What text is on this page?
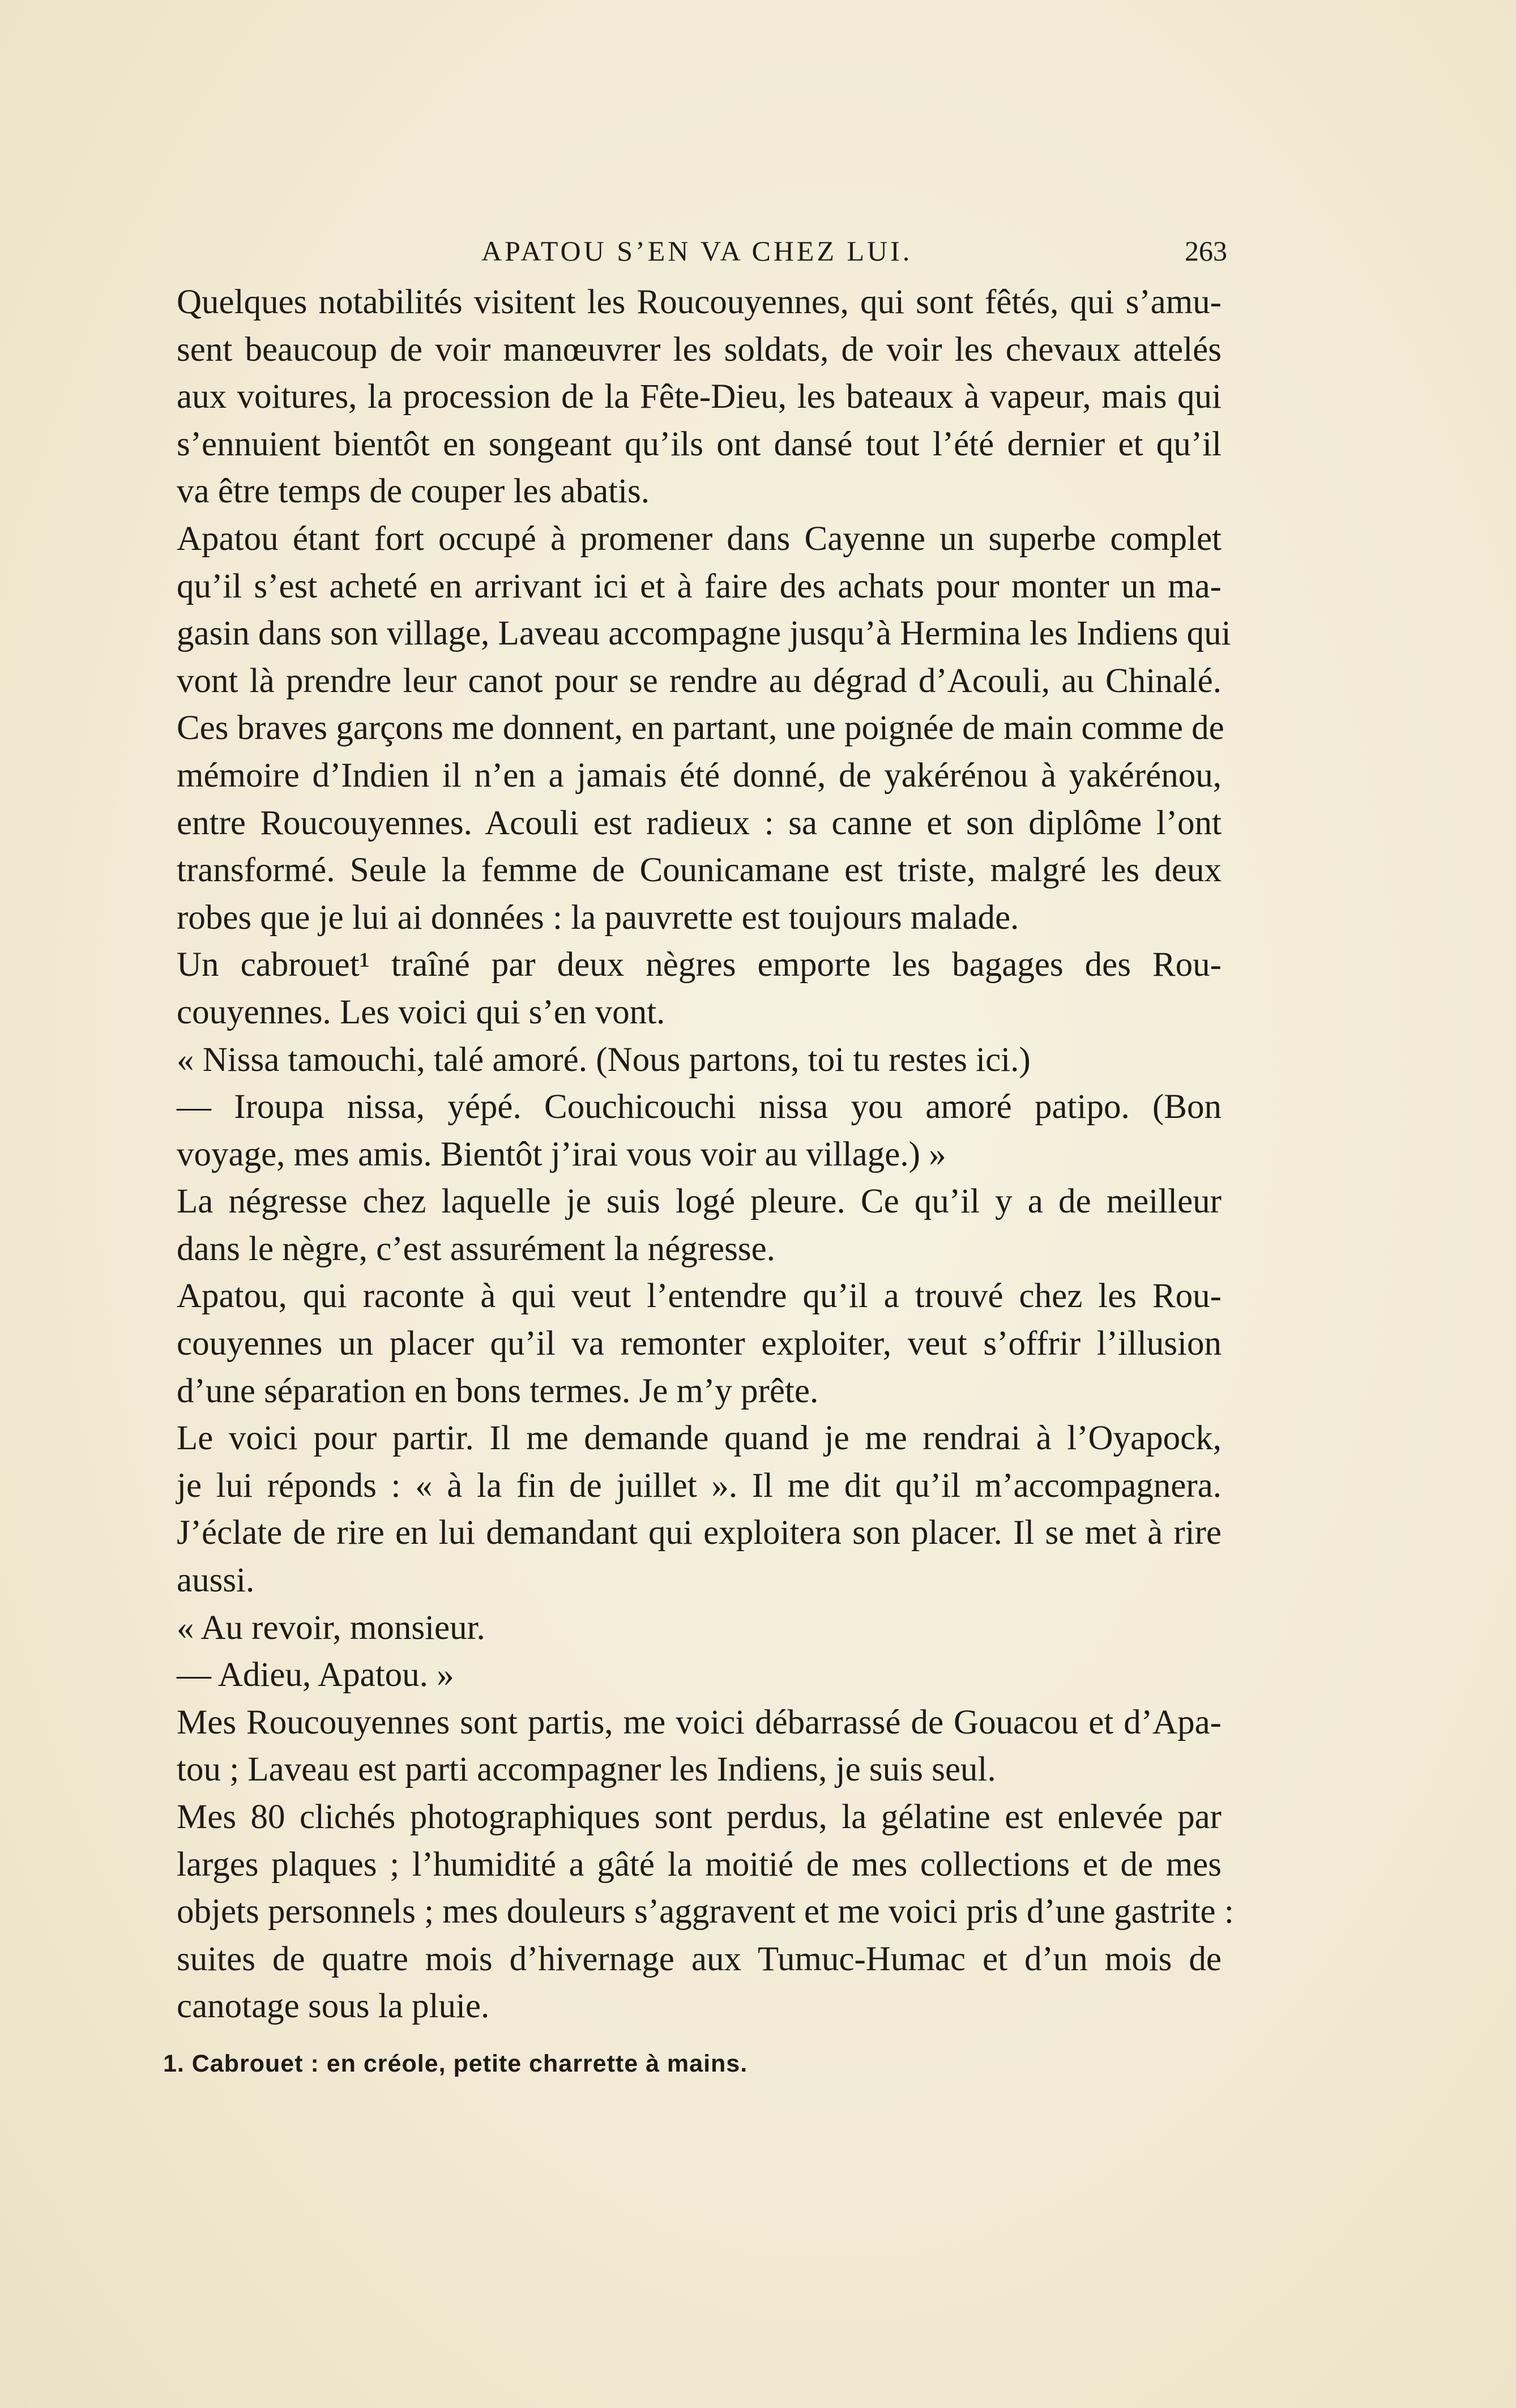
APATOU S’EN VA CHEZ LUI.	263
Quelques notabilités visitent les Roucouyennes, qui sont fêtés, qui s’amu-
sent beaucoup de voir manœuvrer les soldats, de voir les chevaux attelés
aux voitures, la procession de la Fête-Dieu, les bateaux à vapeur, mais qui
s’ennuient bientôt en songeant qu’ils ont dansé tout l’été dernier et qu’il
va être temps de couper les abatis.
Apatou étant fort occupé à promener dans Cayenne un superbe complet
qu’il s’est acheté en arrivant ici et à faire des achats pour monter un ma-
gasin dans son village, Laveau accompagne jusqu’à Hermina les Indiens qui
vont là prendre leur canot pour se rendre au dégrad d’Acouli, au Chinalé.
Ces braves garçons me donnent, en partant, une poignée de main comme de
mémoire d’Indien il n’en a jamais été donné, de yakérénou à yakérénou,
entre Roucouyennes. Acouli est radieux : sa canne et son diplôme l’ont
transformé. Seule la femme de Counicamane est triste, malgré les deux
robes que je lui ai données : la pauvrette est toujours malade.
Un cabrouet¹ traîné par deux nègres emporte les bagages des Rou-
couyennes. Les voici qui s’en vont.
« Nissa tamouchi, talé amoré. (Nous partons, toi tu restes ici.)
— Iroupa nissa, yépé. Couchicouchi nissa you amoré patipo. (Bon
voyage, mes amis. Bientôt j’irai vous voir au village.) »
La négresse chez laquelle je suis logé pleure. Ce qu’il y a de meilleur
dans le nègre, c’est assurément la négresse.
Apatou, qui raconte à qui veut l’entendre qu’il a trouvé chez les Rou-
couyennes un placer qu’il va remonter exploiter, veut s’offrir l’illusion
d’une séparation en bons termes. Je m’y prête.
Le voici pour partir. Il me demande quand je me rendrai à l’Oyapock,
je lui réponds : « à la fin de juillet ». Il me dit qu’il m’accompagnera.
J’éclate de rire en lui demandant qui exploitera son placer. Il se met à rire
aussi.
« Au revoir, monsieur.
— Adieu, Apatou. »
Mes Roucouyennes sont partis, me voici débarrassé de Gouacou et d’Apa-
tou ; Laveau est parti accompagner les Indiens, je suis seul.
Mes 80 clichés photographiques sont perdus, la gélatine est enlevée par
larges plaques ; l’humidité a gâté la moitié de mes collections et de mes
objets personnels ; mes douleurs s’aggravent et me voici pris d’une gastrite :
suites de quatre mois d’hivernage aux Tumuc-Humac et d’un mois de
canotage sous la pluie.
1. Cabrouet : en créole, petite charrette à mains.
